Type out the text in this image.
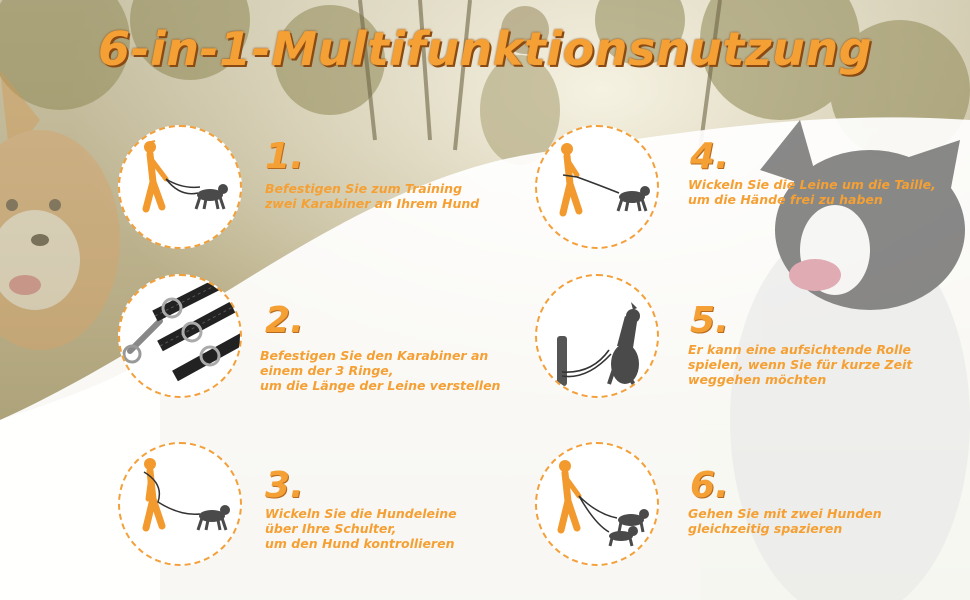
6-in-1-Multifunktionsnutzung
1.
Befestigen Sie zum Training
zwei Karabiner an Ihrem Hund
2.
Befestigen Sie den Karabiner an
einem der 3 Ringe,
um die Länge der Leine verstellen
3.
Wickeln Sie die Hundeleine
über Ihre Schulter,
um den Hund kontrollieren
4.
Wickeln Sie die Leine um die Taille,
um die Hände frei zu haben
5.
Er kann eine aufsichtende Rolle
spielen, wenn Sie für kurze Zeit
weggehen möchten
6.
Gehen Sie mit zwei Hunden
gleichzeitig spazieren
